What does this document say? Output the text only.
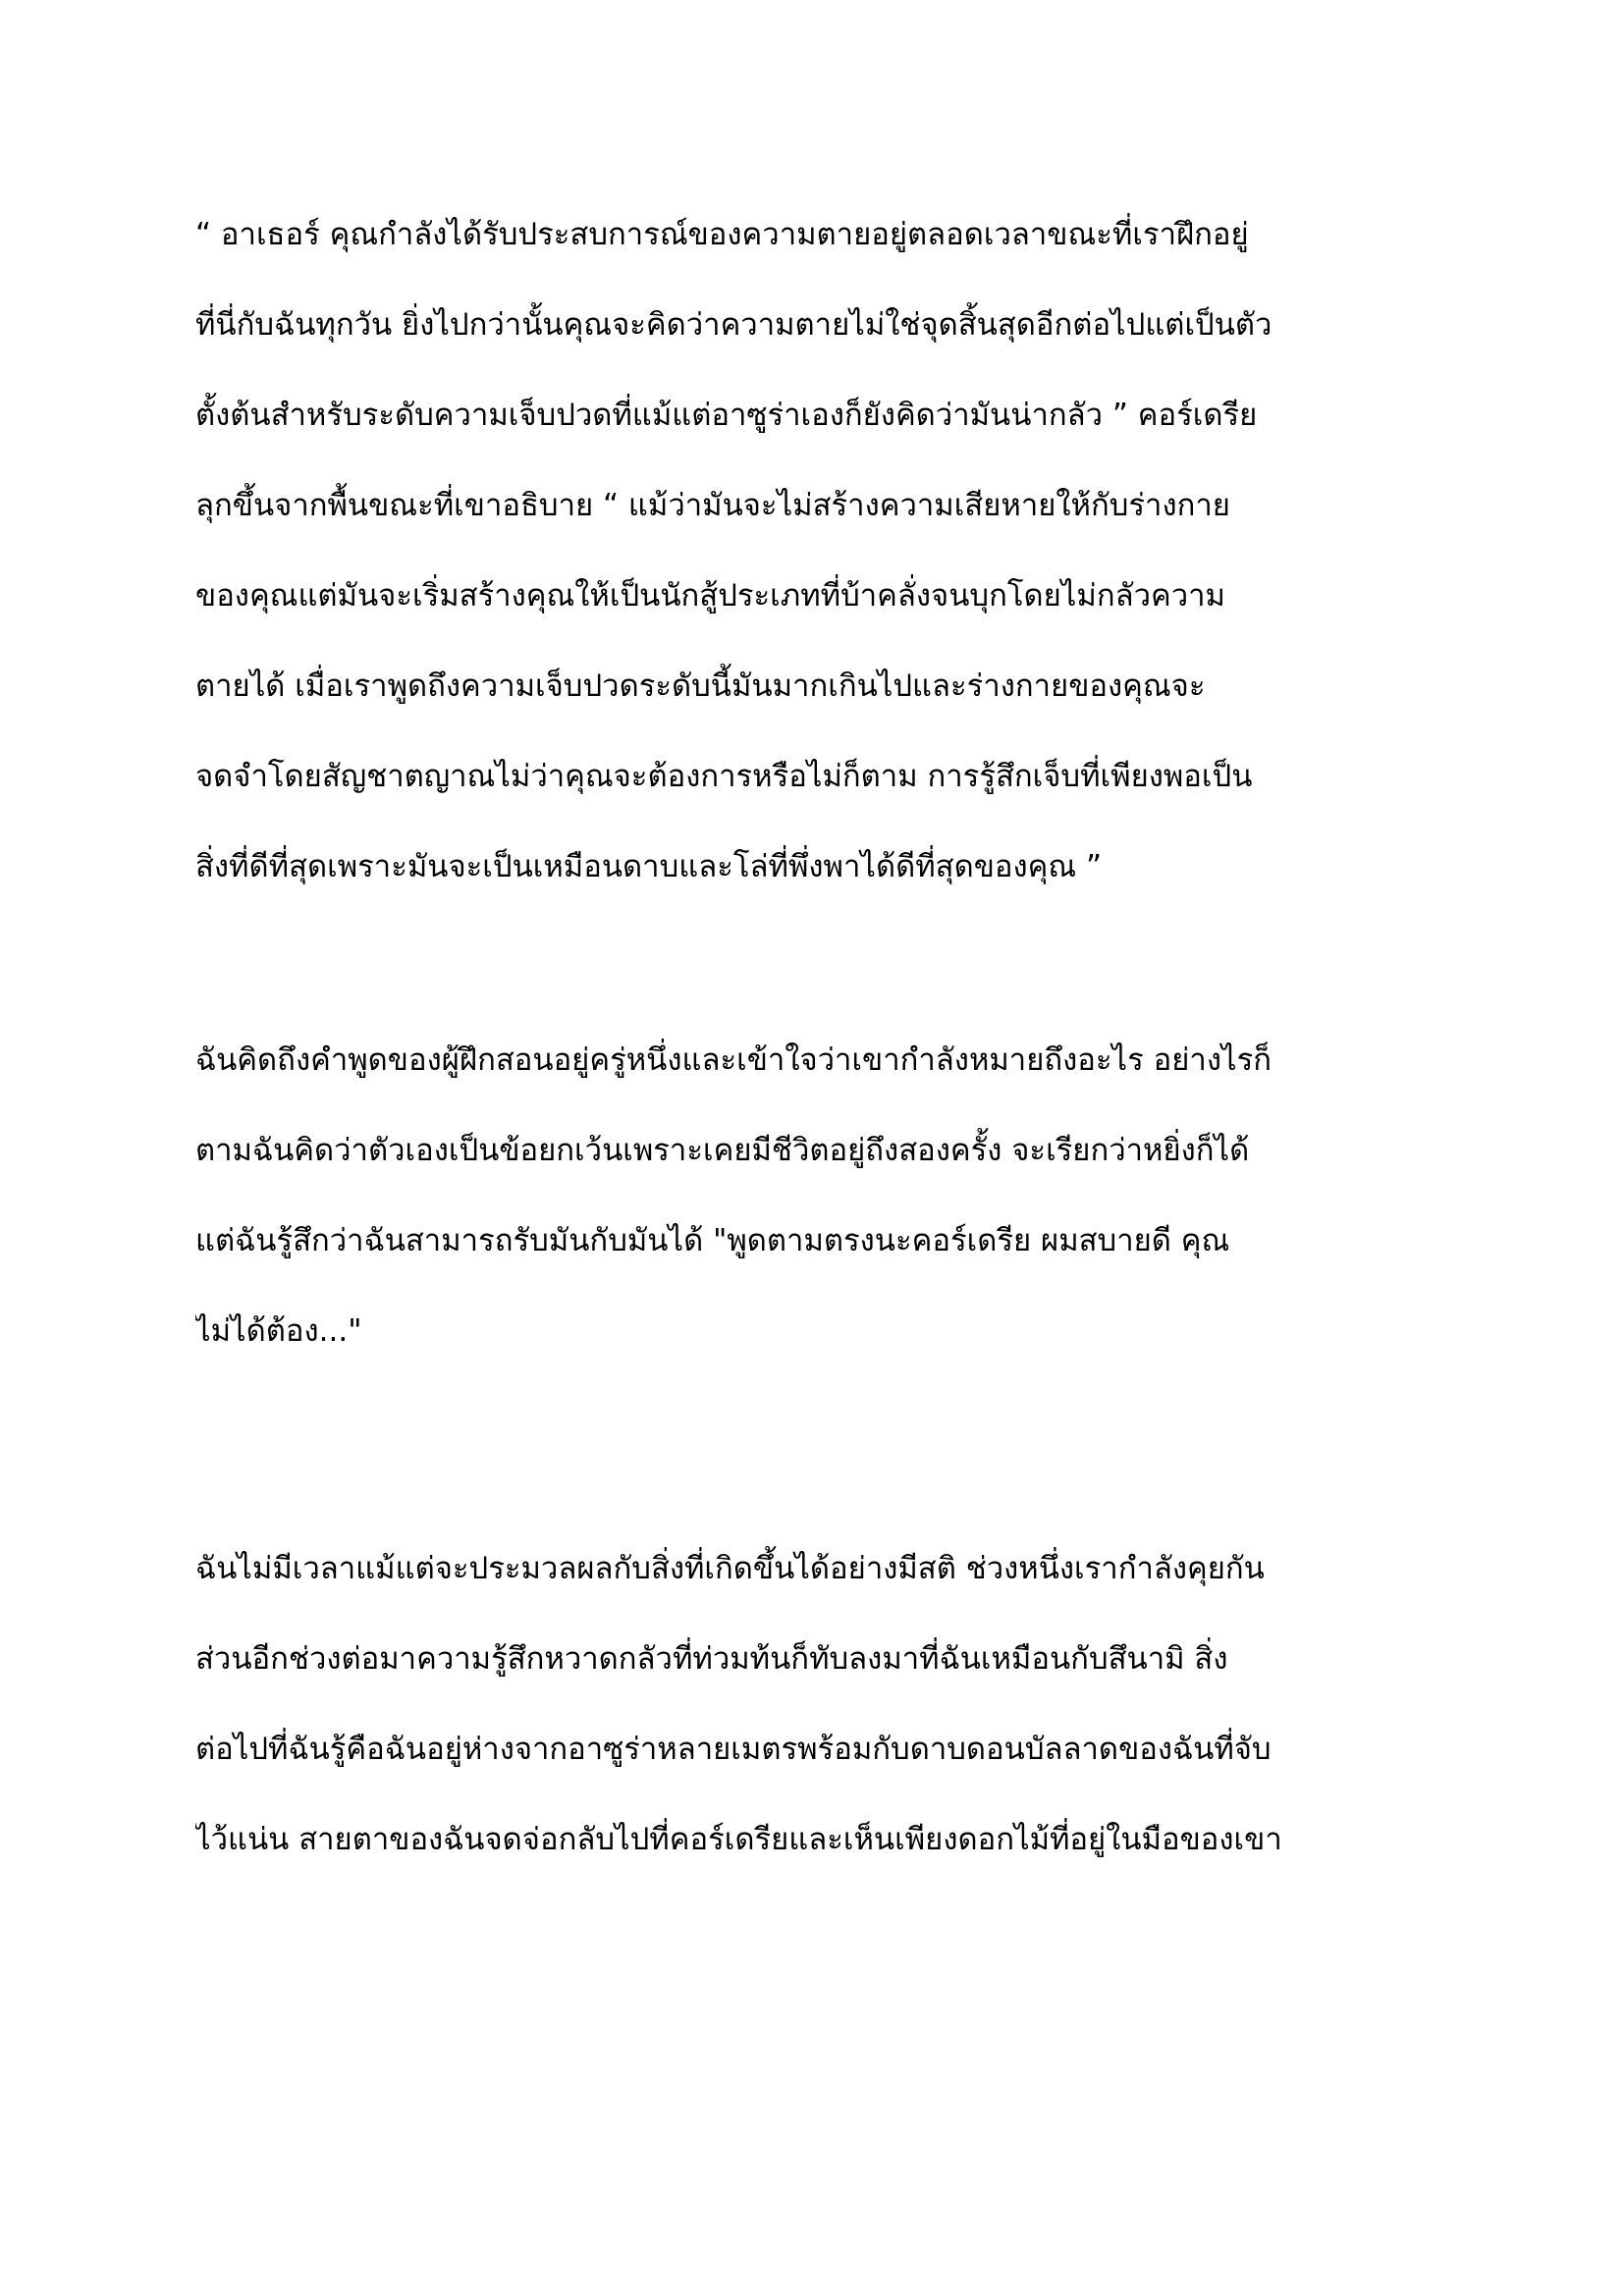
“ อาเธอร์ คุณกำลังได้รับประสบการณ์ของความตายอยู่ตลอดเวลาขณะที่เราฝึกอยู่
ที่นี่กับฉันทุกวัน ยิ่งไปกว่านั้นคุณจะคิดว่าความตายไม่ใช่จุดสิ้นสุดอีกต่อไปแต่เป็นตัว
ตั้งต้นสำหรับระดับความเจ็บปวดที่แม้แต่อาซูร่าเองก็ยังคิดว่ามันน่ากลัว ” คอร์เดรีย
ลุกขึ้นจากพื้นขณะที่เขาอธิบาย “ แม้ว่ามันจะไม่สร้างความเสียหายให้กับร่างกาย
ของคุณแต่มันจะเริ่มสร้างคุณให้เป็นนักสู้ประเภทที่บ้าคลั่งจนบุกโดยไม่กลัวความ
ตายได้ เมื่อเราพูดถึงความเจ็บปวดระดับนี้มันมากเกินไปและร่างกายของคุณจะ
จดจำโดยสัญชาตญาณไม่ว่าคุณจะต้องการหรือไม่ก็ตาม การรู้สึกเจ็บที่เพียงพอเป็น
สิ่งที่ดีที่สุดเพราะมันจะเป็นเหมือนดาบและโล่ที่พึ่งพาได้ดีที่สุดของคุณ ”
ฉันคิดถึงคำพูดของผู้ฝึกสอนอยู่ครู่หนึ่งและเข้าใจว่าเขากำลังหมายถึงอะไร อย่างไรก็
ตามฉันคิดว่าตัวเองเป็นข้อยกเว้นเพราะเคยมีชีวิตอยู่ถึงสองครั้ง จะเรียกว่าหยิ่งก็ได้
แต่ฉันรู้สึกว่าฉันสามารถรับมันกับมันได้ "พูดตามตรงนะคอร์เดรีย ผมสบายดี คุณ
ไม่ได้ต้อง..."
ฉันไม่มีเวลาแม้แต่จะประมวลผลกับสิ่งที่เกิดขึ้นได้อย่างมีสติ ช่วงหนึ่งเรากำลังคุยกัน
ส่วนอีกช่วงต่อมาความรู้สึกหวาดกลัวที่ท่วมท้นก็ทับลงมาที่ฉันเหมือนกับสึนามิ สิ่ง
ต่อไปที่ฉันรู้คือฉันอยู่ห่างจากอาซูร่าหลายเมตรพร้อมกับดาบดอนบัลลาดของฉันที่จับ
ไว้แน่น สายตาของฉันจดจ่อกลับไปที่คอร์เดรียและเห็นเพียงดอกไม้ที่อยู่ในมือของเขา
